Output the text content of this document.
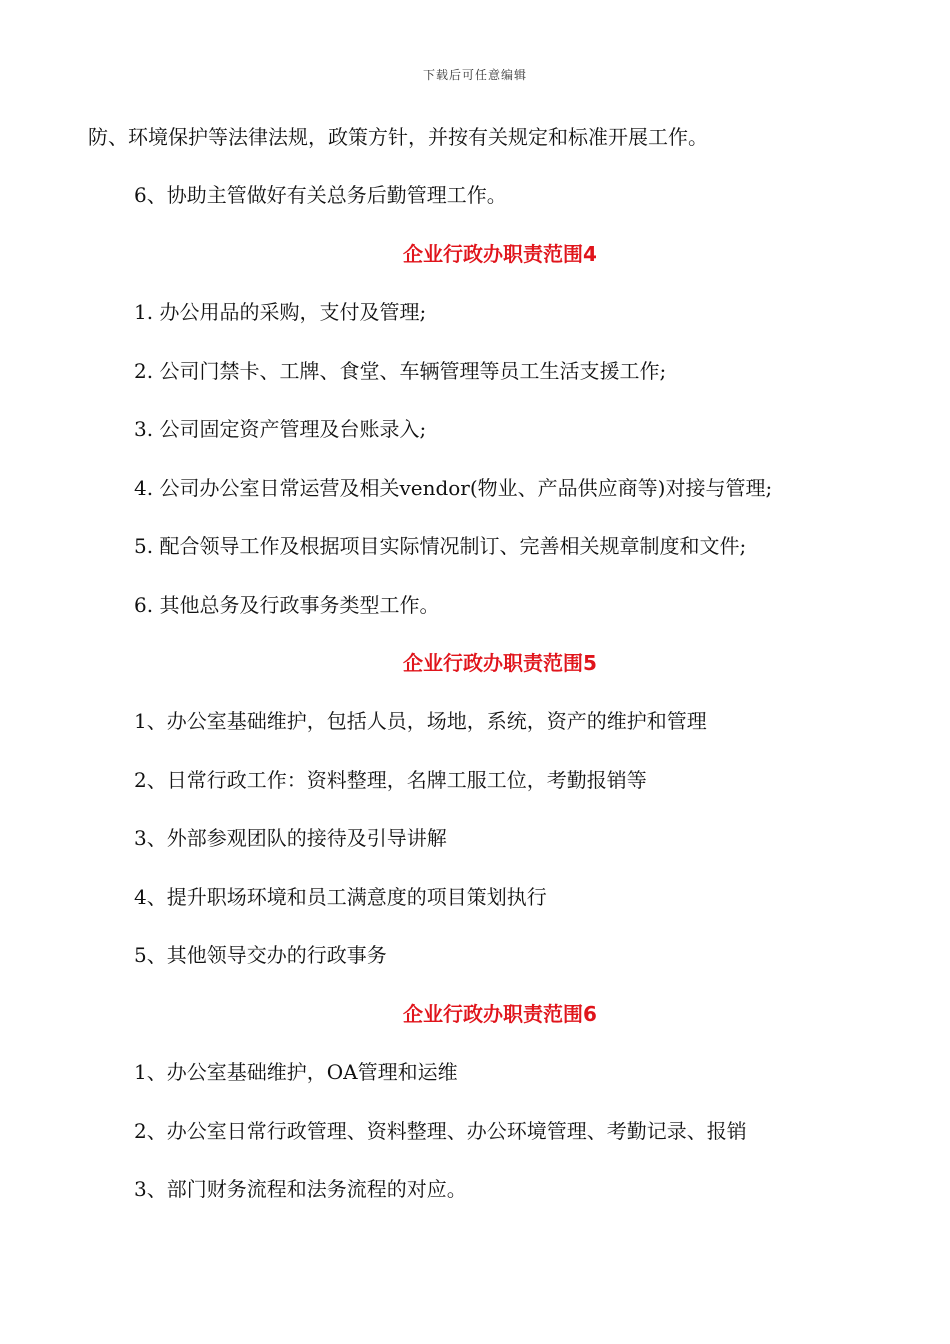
下载后可任意编辑
防、环境保护等法律法规，政策方针，并按有关规定和标准开展工作。
6、协助主管做好有关总务后勤管理工作。
企业行政办职责范围4
1. 办公用品的采购，支付及管理;
2. 公司门禁卡、工牌、食堂、车辆管理等员工生活支援工作;
3. 公司固定资产管理及台账录入;
4. 公司办公室日常运营及相关vendor(物业、产品供应商等)对接与管理;
5. 配合领导工作及根据项目实际情况制订、完善相关规章制度和文件;
6. 其他总务及行政事务类型工作。
企业行政办职责范围5
1、办公室基础维护，包括人员，场地，系统，资产的维护和管理
2、日常行政工作：资料整理，名牌工服工位，考勤报销等
3、外部参观团队的接待及引导讲解
4、提升职场环境和员工满意度的项目策划执行
5、其他领导交办的行政事务
企业行政办职责范围6
1、办公室基础维护，OA管理和运维
2、办公室日常行政管理、资料整理、办公环境管理、考勤记录、报销
3、部门财务流程和法务流程的对应。
